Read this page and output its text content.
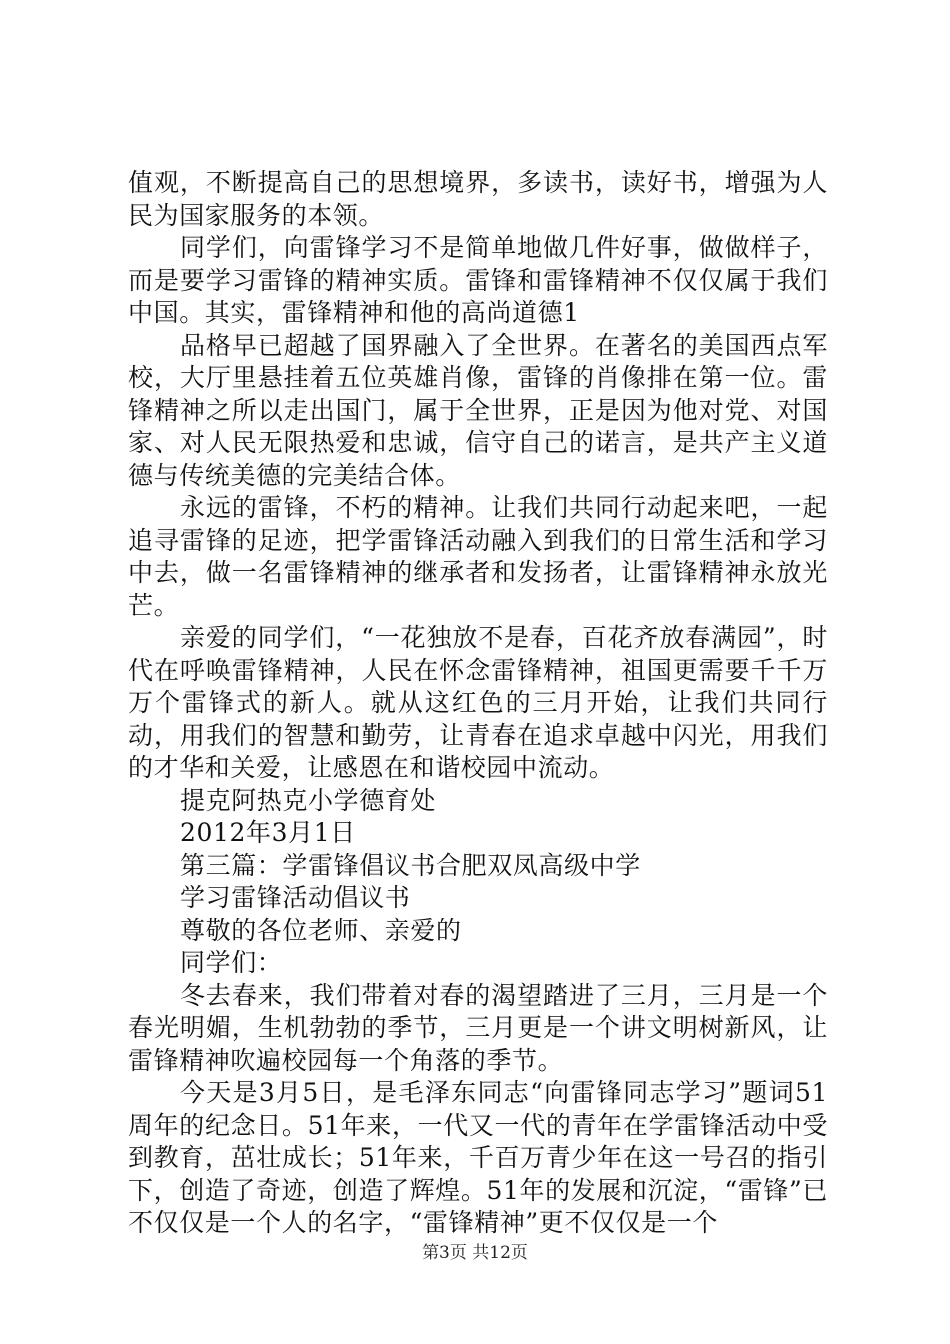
值观，不断提高自己的思想境界，多读书，读好书，增强为人民为国家服务的本领。

同学们，向雷锋学习不是简单地做几件好事，做做样子，而是要学习雷锋的精神实质。雷锋和雷锋精神不仅仅属于我们中国。其实，雷锋精神和他的高尚道德1

品格早已超越了国界融入了全世界。在著名的美国西点军校，大厅里悬挂着五位英雄肖像，雷锋的肖像排在第一位。雷锋精神之所以走出国门，属于全世界，正是因为他对党、对国家、对人民无限热爱和忠诚，信守自己的诺言，是共产主义道德与传统美德的完美结合体。

永远的雷锋，不朽的精神。让我们共同行动起来吧，一起追寻雷锋的足迹，把学雷锋活动融入到我们的日常生活和学习中去，做一名雷锋精神的继承者和发扬者，让雷锋精神永放光芒。

亲爱的同学们，“一花独放不是春，百花齐放春满园”，时代在呼唤雷锋精神，人民在怀念雷锋精神，祖国更需要千千万万个雷锋式的新人。就从这红色的三月开始，让我们共同行动，用我们的智慧和勤劳，让青春在追求卓越中闪光，用我们的才华和关爱，让感恩在和谐校园中流动。

提克阿热克小学德育处

2012年3月1日

第三篇：学雷锋倡议书合肥双凤高级中学

学习雷锋活动倡议书

尊敬的各位老师、亲爱的

同学们：

冬去春来，我们带着对春的渴望踏进了三月，三月是一个春光明媚，生机勃勃的季节，三月更是一个讲文明树新风，让雷锋精神吹遍校园每一个角落的季节。

今天是3月5日，是毛泽东同志“向雷锋同志学习”题词51周年的纪念日。51年来，一代又一代的青年在学雷锋活动中受到教育，茁壮成长；51年来，千百万青少年在这一号召的指引下，创造了奇迹，创造了辉煌。51年的发展和沉淀，“雷锋”已不仅仅是一个人的名字，“雷锋精神”更不仅仅是一个

第3页 共12页
